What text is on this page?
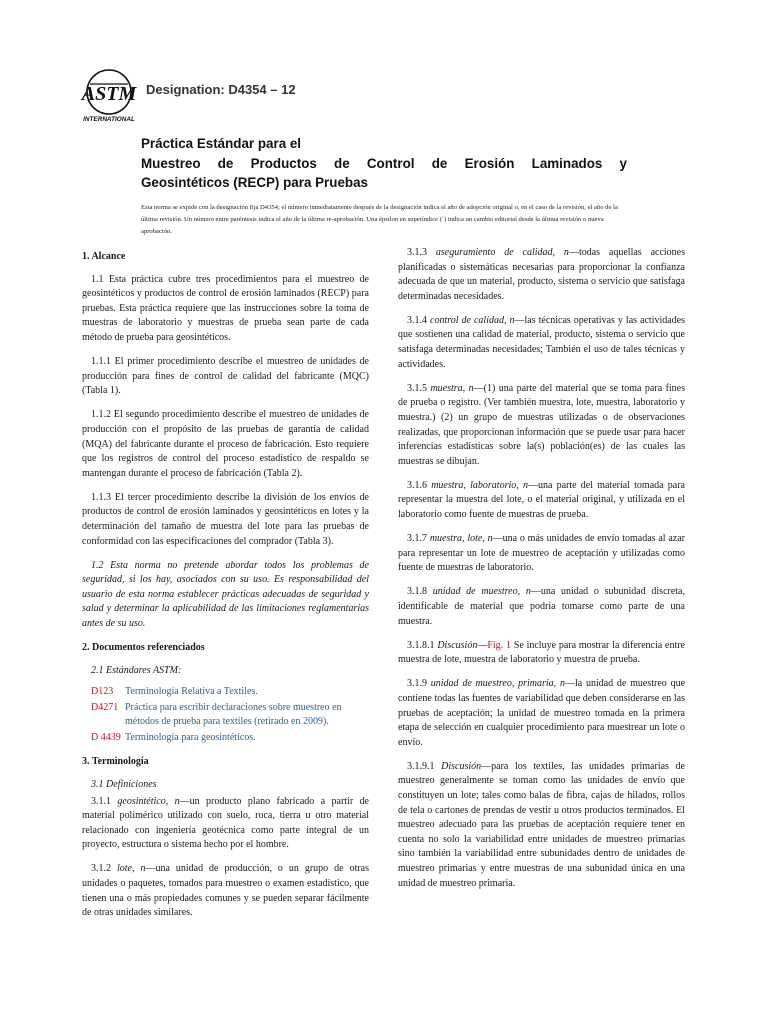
ASTM
INTERNATIONAL
Designation: D4354 – 12
Práctica Estándar para el
Muestreo de Productos de Control de Erosión Laminados y
Geosintéticos (RECP) para Pruebas
Esta norma se expide con la designación fija D4354; el número inmediatamente después de la designación indica el año de adopción original o, en el caso de la revisión, el año de la última revisión. Un número entre paréntesis indica el año de la última re-aprobación. Una épsilon en superíndice (´) indica un cambio editorial desde la última revisión o nueva aprobación.
1. Alcance

1.1 Esta práctica cubre tres procedimientos para el muestreo de geosintéticos y productos de control de erosión laminados (RECP) para pruebas. Esta práctica requiere que las instrucciones sobre la toma de muestras de laboratorio y muestras de prueba sean parte de cada método de prueba para geosintéticos.

1.1.1 El primer procedimiento describe el muestreo de unidades de producción para fines de control de calidad del fabricante (MQC) (Tabla 1).

1.1.2 El segundo procedimiento describe el muestreo de unidades de producción con el propósito de las pruebas de garantía de calidad (MQA) del fabricante durante el proceso de fabricación. Esto requiere que los registros de control del proceso estadístico de respaldo se mantengan durante el proceso de fabricación (Tabla 2).

1.1.3 El tercer procedimiento describe la división de los envíos de productos de control de erosión laminados y geosintéticos en lotes y la determinación del tamaño de muestra del lote para las pruebas de conformidad con las especificaciones del comprador (Tabla 3).

1.2 Esta norma no pretende abordar todos los problemas de seguridad, si los hay, asociados con su uso. Es responsabilidad del usuario de esta norma establecer prácticas adecuadas de seguridad y salud y determinar la aplicabilidad de las limitaciones reglamentarias antes de su uso.

2. Documentos referenciados

2.1 Estándares ASTM:

D123	Terminología Relativa a Textiles.
D4271 Práctica para escribir declaraciones sobre muestreo en métodos de prueba para textiles (retirado en 2009).
D 4439 Terminología para geosintéticos.
3. Terminología

3.1 Definiciones

3.1.1 geosintético, n—un producto plano fabricado a partir de material polimérico utilizado con suelo, roca, tierra u otro material relacionado con ingeniería geotécnica como parte integral de un proyecto, estructura o sistema hecho por el hombre.

3.1.2 lote, n—una unidad de producción, o un grupo de otras unidades o paquetes, tomados para muestreo o examen estadístico, que tienen una o más propiedades comunes y se pueden separar fácilmente de otras unidades similares.

3.1.3 aseguramiento de calidad, n—todas aquellas acciones planificadas o sistemáticas necesarias para proporcionar la confianza adecuada de que un material, producto, sistema o servicio que satisfaga determinadas necesidades.

3.1.4 control de calidad, n—las técnicas operativas y las actividades que sostienen una calidad de material, producto, sistema o servicio que satisfaga determinadas necesidades; También el uso de tales técnicas y actividades.

3.1.5 muestra, n—(1) una parte del material que se toma para fines de prueba o registro. (Ver también muestra, lote, muestra, laboratorio y muestra.) (2) un grupo de muestras utilizadas o de observaciones realizadas, que proporcionan información que se puede usar para hacer inferencias estadísticas sobre la(s) población(es) de las cuales las muestras se dibujan.

3.1.6 muestra, laboratorio, n—una parte del material tomada para representar la muestra del lote, o el material original, y utilizada en el laboratorio como fuente de muestras de prueba.

3.1.7 muestra, lote, n—una o más unidades de envío tomadas al azar para representar un lote de muestreo de aceptación y utilizadas como fuente de muestras de laboratorio.

3.1.8 unidad de muestreo, n—una unidad o subunidad discreta, identificable de material que podría tomarse como parte de una muestra.

3.1.8.1 Discusión—Fig. 1 Se incluye para mostrar la diferencia entre muestra de lote, muestra de laboratorio y muestra de prueba.

3.1.9 unidad de muestreo, primaria, n—la unidad de muestreo que contiene todas las fuentes de variabilidad que deben considerarse en las pruebas de aceptación; la unidad de muestreo tomada en la primera etapa de selección en cualquier procedimiento para muestrear un lote o envío.

3.1.9.1 Discusión—para los textiles, las unidades primarias de muestreo generalmente se toman como las unidades de envío que constituyen un lote; tales como balas de fibra, cajas de hilados, rollos de tela o cartones de prendas de vestir u otros productos terminados. El muestreo adecuado para las pruebas de aceptación requiere tener en cuenta no solo la variabilidad entre unidades de muestreo primarias sino también la variabilidad entre subunidades dentro de unidades de muestreo primarias y entre muestras de una subunidad única en una unidad de muestreo primaria.
